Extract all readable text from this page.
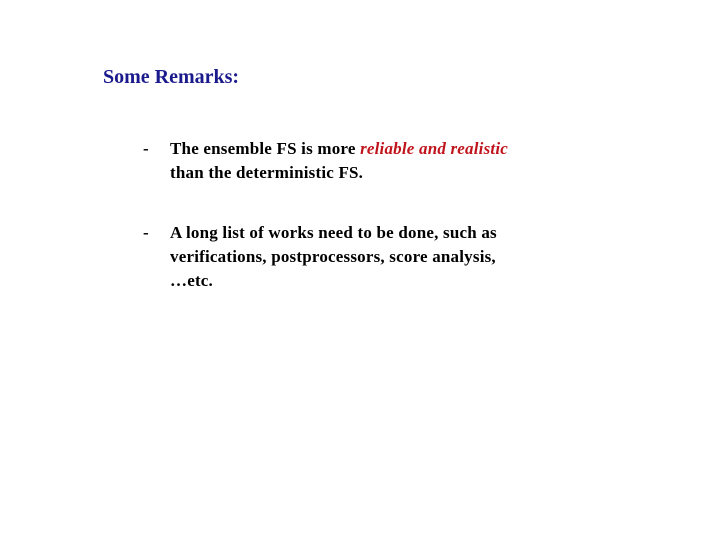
Some Remarks:
- The ensemble FS is more reliable and realistic
than the deterministic FS.
- A long list of works need to be done, such as
verifications, postprocessors, score analysis,
…etc.
